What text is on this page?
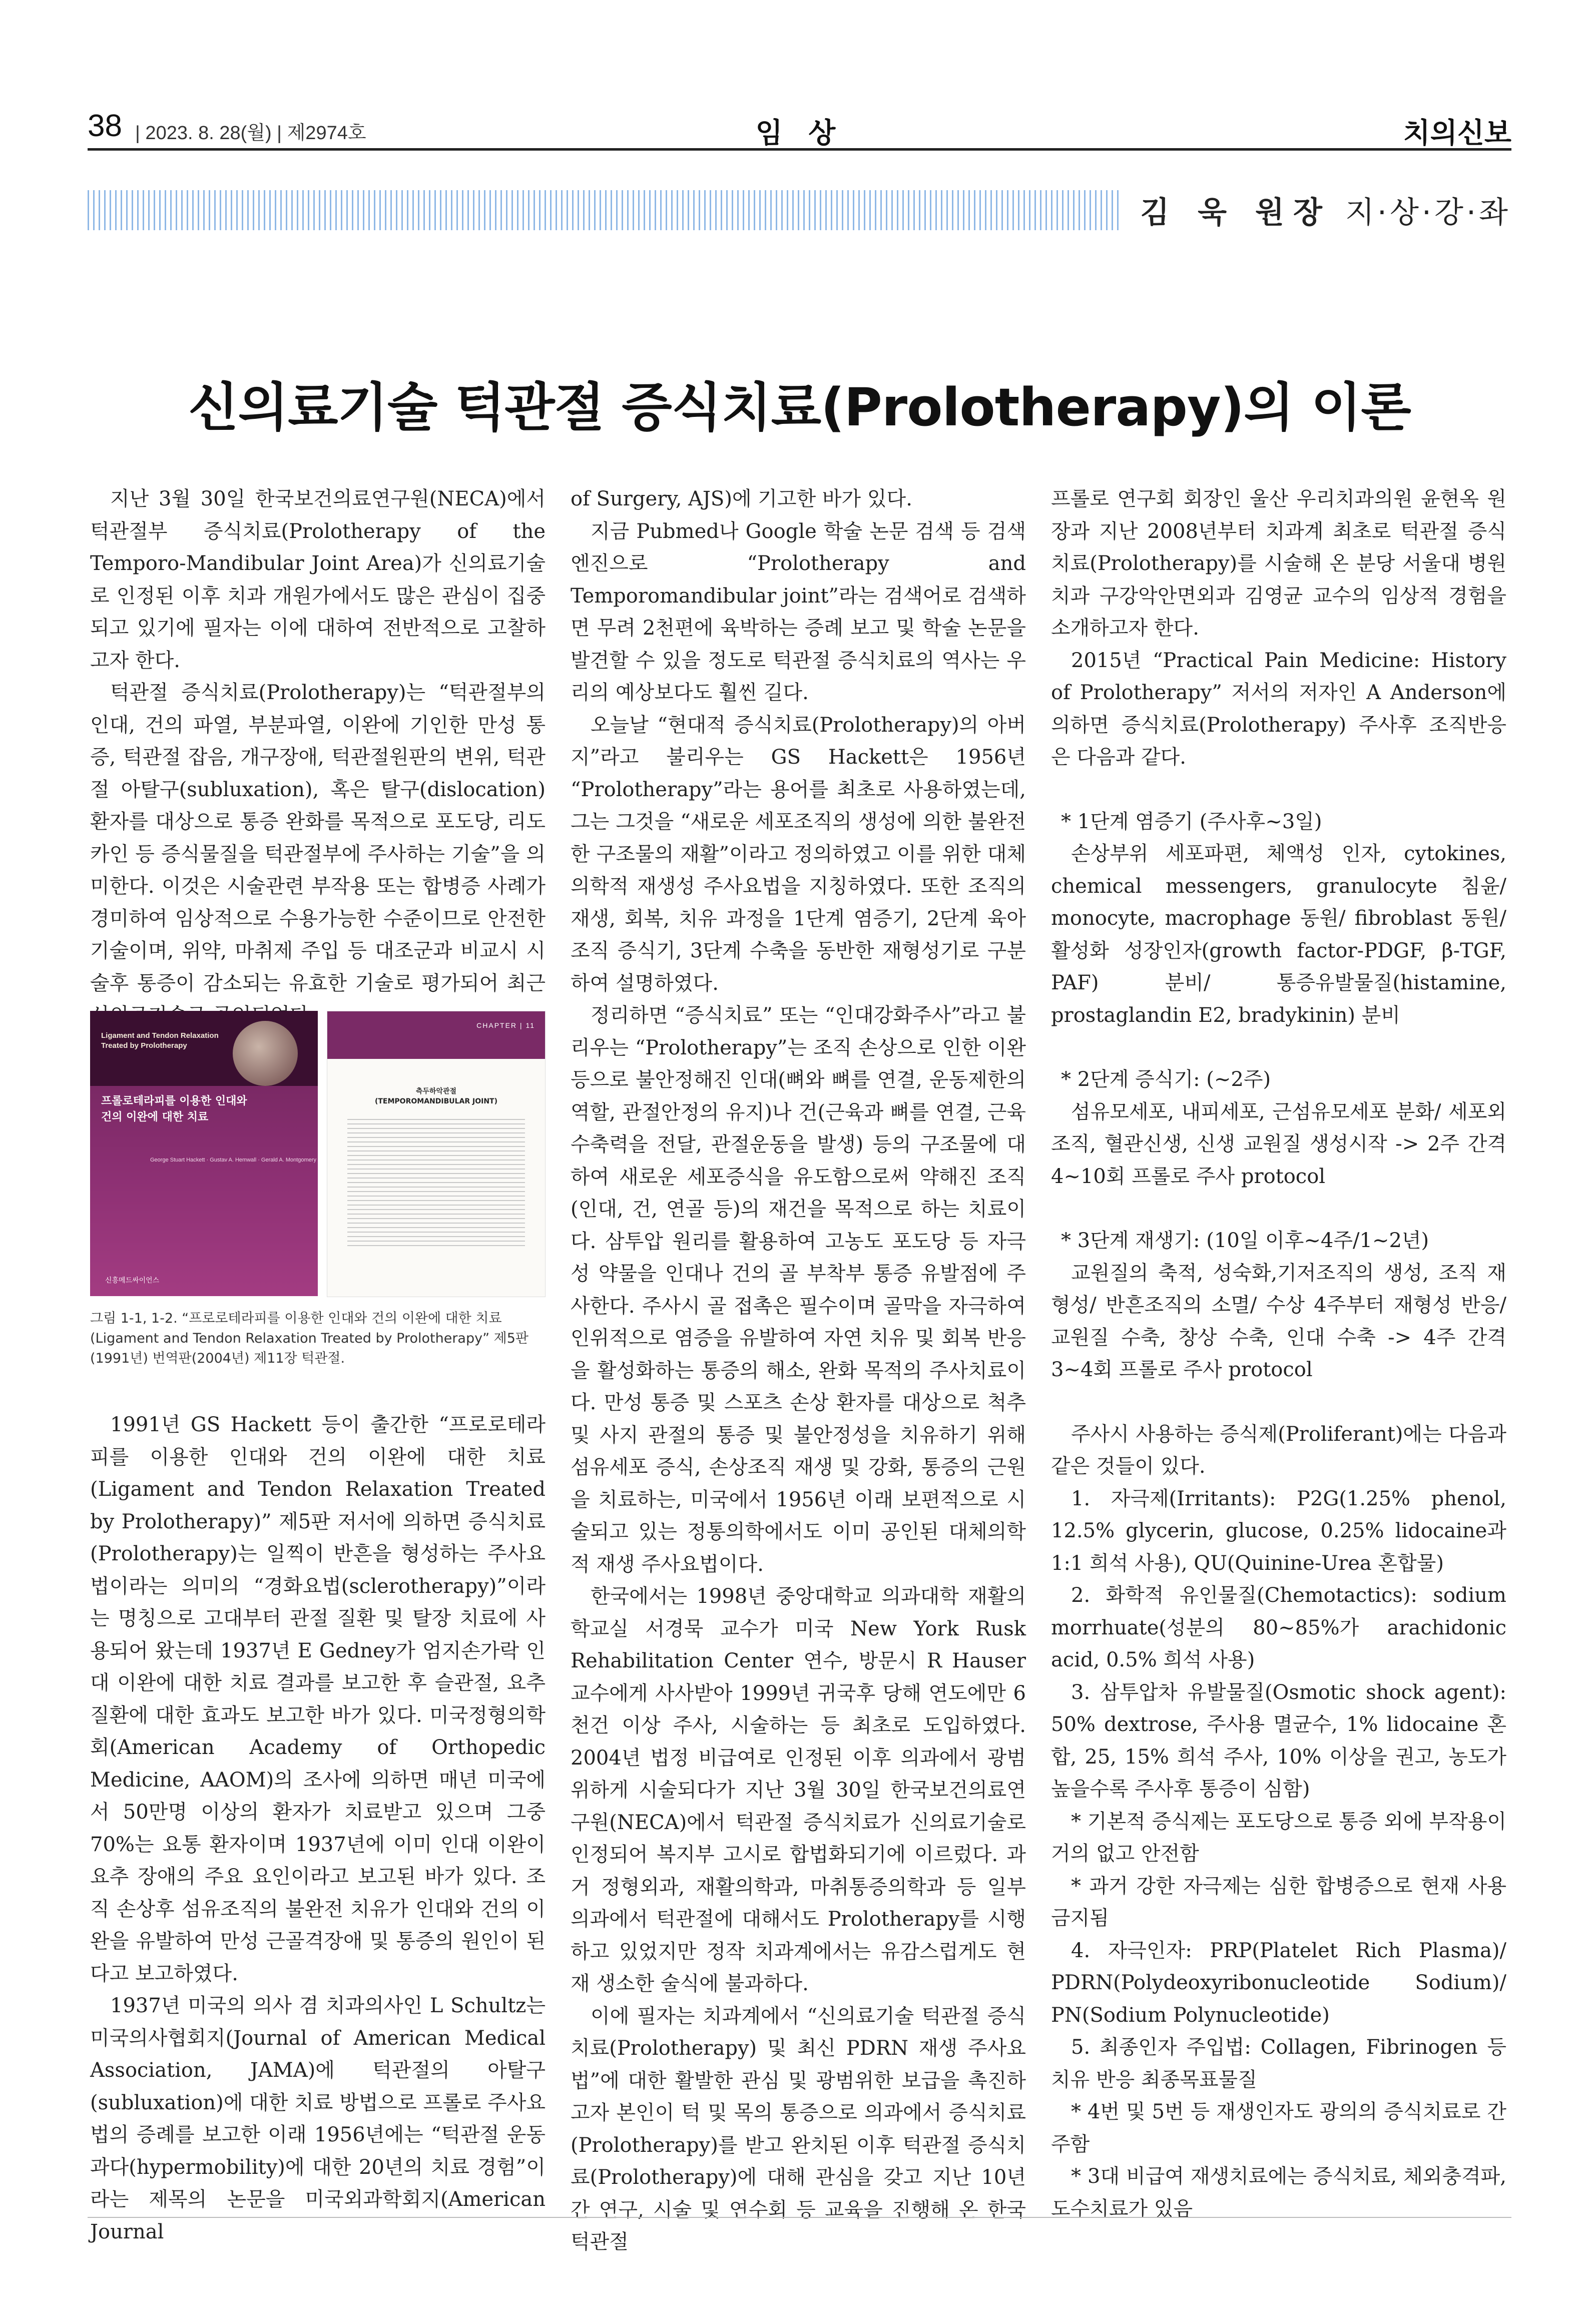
38 | 2023. 8. 28(월) | 제2974호	임 상	치의신보
김 욱 원장 지·상·강·좌
신의료기술 턱관절 증식치료(Prolotherapy)의 이론

지난 3월 30일 한국보건의료연구원(NECA)에서 턱관절부 증식치료(Prolotherapy of the Temporo-Mandibular Joint Area)가 신의료기술로 인정된 이후 치과 개원가에서도 많은 관심이 집중되고 있기에 필자는 이에 대하여 전반적으로 고찰하고자 한다.

턱관절 증식치료(Prolotherapy)는 “턱관절부의 인대, 건의 파열, 부분파열, 이완에 기인한 만성 통증, 턱관절 잡음, 개구장애, 턱관절원판의 변위, 턱관절 아탈구(subluxation), 혹은 탈구(dislocation) 환자를 대상으로 통증 완화를 목적으로 포도당, 리도카인 등 증식물질을 턱관절부에 주사하는 기술”을 의미한다. 이것은 시술관련 부작용 또는 합병증 사례가 경미하여 임상적으로 수용가능한 수준이므로 안전한 기술이며, 위약, 마취제 주입 등 대조군과 비교시 시술후 통증이 감소되는 유효한 기술로 평가되어 최근

Ligament and Tendon Relaxation Treated by Prolotherapy
프롤로테라피를 이용한 인대와
건의 이완에 대한 치료
George Stuart Hackett · Gustav A. Hemwall · Gerald A. Montgomery
신흥메드싸이언스
CHAPTER | 11
측두하악관절
(TEMPOROMANDIBULAR JOINT)
그림 1-1, 1-2. “프로로테라피를 이용한 인대와 건의 이완에 대한 치료(Ligament and Tendon Relaxation Treated by Prolotherapy” 제5판(1991년) 번역판(2004년) 제11장 턱관절.

1991년 GS Hackett 등이 출간한 “프로로테라피를 이용한 인대와 건의 이완에 대한 치료(Ligament and Tendon Relaxation Treated by Prolotherapy)” 제5판 저서에 의하면 증식치료(Prolotherapy)는 일찍이 반흔을 형성하는 주사요법이라는 의미의 “경화요법(sclerotherapy)”이라는 명칭으로 고대부터 관절 질환 및 탈장 치료에 사용되어 왔는데 1937년 E Gedney가 엄지손가락 인대 이완에 대한 치료 결과를 보고한 후 슬관절, 요추질환에 대한 효과도 보고한 바가 있다. 미국정형의학회(American Academy of Orthopedic Medicine, AAOM)의 조사에 의하면 매년 미국에서 50만명 이상의 환자가 치료받고 있으며 그중 70%는 요통 환자이며 1937년에 이미 인대 이완이 요추 장애의 주요 요인이라고 보고된 바가 있다. 조직 손상후 섬유조직의 불완전 치유가 인대와 건의 이완을 유발하여 만성 근골격장애 및 통증의 원인이 된다고 보고하였다.

1937년 미국의 의사 겸 치과의사인 L Schultz는 미국의사협회지(Journal of American Medical Association, JAMA)에 턱관절의 아탈구(subluxation)에 대한 치료 방법으로 프롤로 주사요법의 증례를 보고한 이래 1956년에는 “턱관절 운동과다(hypermobility)에 대한 20년의 치료 경험”이라는 제목의 논문을 미국외과학회지(American Journal

of Surgery, AJS)에 기고한 바가 있다.

지금 Pubmed나 Google 학술 논문 검색 등 검색 엔진으로 “Prolotherapy and Temporomandibular joint”라는 검색어로 검색하면 무려 2천편에 육박하는 증례 보고 및 학술 논문을 발견할 수 있을 정도로 턱관절 증식치료의 역사는 우리의 예상보다도 훨씬 길다.

오늘날 “현대적 증식치료(Prolotherapy)의 아버지”라고 불리우는 GS Hackett은 1956년 “Prolotherapy”라는 용어를 최초로 사용하였는데, 그는 그것을 “새로운 세포조직의 생성에 의한 불완전한 구조물의 재활”이라고 정의하였고 이를 위한 대체의학적 재생성 주사요법을 지칭하였다. 또한 조직의 재생, 회복, 치유 과정을 1단계 염증기, 2단계 육아조직 증식기, 3단계 수축을 동반한 재형성기로 구분하여 설명하였다.

정리하면 “증식치료” 또는 “인대강화주사”라고 불리우는 “Prolotherapy”는 조직 손상으로 인한 이완 등으로 불안정해진 인대(뼈와 뼈를 연결, 운동제한의 역할, 관절안정의 유지)나 건(근육과 뼈를 연결, 근육 수축력을 전달, 관절운동을 발생) 등의 구조물에 대하여 새로운 세포증식을 유도함으로써 약해진 조직(인대, 건, 연골 등)의 재건을 목적으로 하는 치료이다. 삼투압 원리를 활용하여 고농도 포도당 등 자극성 약물을 인대나 건의 골 부착부 통증 유발점에 주사한다. 주사시 골 접촉은 필수이며 골막을 자극하여 인위적으로 염증을 유발하여 자연 치유 및 회복 반응을 활성화하는 통증의 해소, 완화 목적의 주사치료이다. 만성 통증 및 스포츠 손상 환자를 대상으로 척추 및 사지 관절의 통증 및 불안정성을 치유하기 위해 섬유세포 증식, 손상조직 재생 및 강화, 통증의 근원을 치료하는, 미국에서 1956년 이래 보편적으로 시술되고 있는 정통의학에서도 이미 공인된 대체의학적 재생 주사요법이다.

한국에서는 1998년 중앙대학교 의과대학 재활의학교실 서경묵 교수가 미국 New York Rusk Rehabilitation Center 연수, 방문시 R Hauser 교수에게 사사받아 1999년 귀국후 당해 연도에만 6천건 이상 주사, 시술하는 등 최초로 도입하였다. 2004년 법정 비급여로 인정된 이후 의과에서 광범위하게 시술되다가 지난 3월 30일 한국보건의료연구원(NECA)에서 턱관절 증식치료가 신의료기술로 인정되어 복지부 고시로 합법화되기에 이르렀다. 과거 정형외과, 재활의학과, 마취통증의학과 등 일부 의과에서 턱관절에 대해서도 Prolotherapy를 시행하고 있었지만 정작 치과계에서는 유감스럽게도 현재 생소한 술식에 불과하다.

이에 필자는 치과계에서 “신의료기술 턱관절 증식치료(Prolotherapy) 및 최신 PDRN 재생 주사요법”에 대한 활발한 관심 및 광범위한 보급을 촉진하고자 본인이 턱 및 목의 통증으로 의과에서 증식치료(Prolotherapy)를 받고 완치된 이후 턱관절 증식치료(Prolotherapy)에 대해 관심을 갖고 지난 10년간 연구, 시술 및 연수회 등 교육을 진행해 온 한국 턱관절

프롤로 연구회 회장인 울산 우리치과의원 윤현옥 원장과 지난 2008년부터 치과계 최초로 턱관절 증식치료(Prolotherapy)를 시술해 온 분당 서울대 병원 치과 구강악안면외과 김영균 교수의 임상적 경험을 소개하고자 한다.

2015년 “Practical Pain Medicine: History of Prolotherapy” 저서의 저자인 A Anderson에 의하면 증식치료(Prolotherapy) 주사후 조직반응은 다음과 같다.

* 1단계 염증기 (주사후~3일)

손상부위 세포파편, 체액성 인자, cytokines, chemical messengers, granulocyte 침윤/ monocyte, macrophage 동원/ fibroblast 동원/ 활성화 성장인자(growth factor-PDGF, β-TGF, PAF) 분비/ 통증유발물질(histamine, prostaglandin E2, bradykinin) 분비

* 2단계 증식기: (~2주)

섬유모세포, 내피세포, 근섬유모세포 분화/ 세포외조직, 혈관신생, 신생 교원질 생성시작 -> 2주 간격 4~10회 프롤로 주사 protocol

* 3단계 재생기: (10일 이후~4주/1~2년)

교원질의 축적, 성숙화,기저조직의 생성, 조직 재형성/ 반흔조직의 소멸/ 수상 4주부터 재형성 반응/ 교원질 수축, 창상 수축, 인대 수축 -> 4주 간격 3~4회 프롤로 주사 protocol

주사시 사용하는 증식제(Proliferant)에는 다음과 같은 것들이 있다.

1. 자극제(Irritants): P2G(1.25% phenol, 12.5% glycerin, glucose, 0.25% lidocaine과 1:1 희석 사용), QU(Quinine-Urea 혼합물)

2. 화학적 유인물질(Chemotactics): sodium morrhuate(성분의 80~85%가 arachidonic acid, 0.5% 희석 사용)

3. 삼투압차 유발물질(Osmotic shock agent): 50% dextrose, 주사용 멸균수, 1% lidocaine 혼합, 25, 15% 희석 주사, 10% 이상을 권고, 농도가 높을수록 주사후 통증이 심함)

* 기본적 증식제는 포도당으로 통증 외에 부작용이 거의 없고 안전함

* 과거 강한 자극제는 심한 합병증으로 현재 사용 금지됨

4. 자극인자: PRP(Platelet Rich Plasma)/ PDRN(Polydeoxyribonucleotide Sodium)/ PN(Sodium Polynucleotide)

5. 최종인자 주입법: Collagen, Fibrinogen 등 치유 반응 최종목표물질

* 4번 및 5번 등 재생인자도 광의의 증식치료로 간주함

* 3대 비급여 재생치료에는 증식치료, 체외충격파, 도수치료가 있음
